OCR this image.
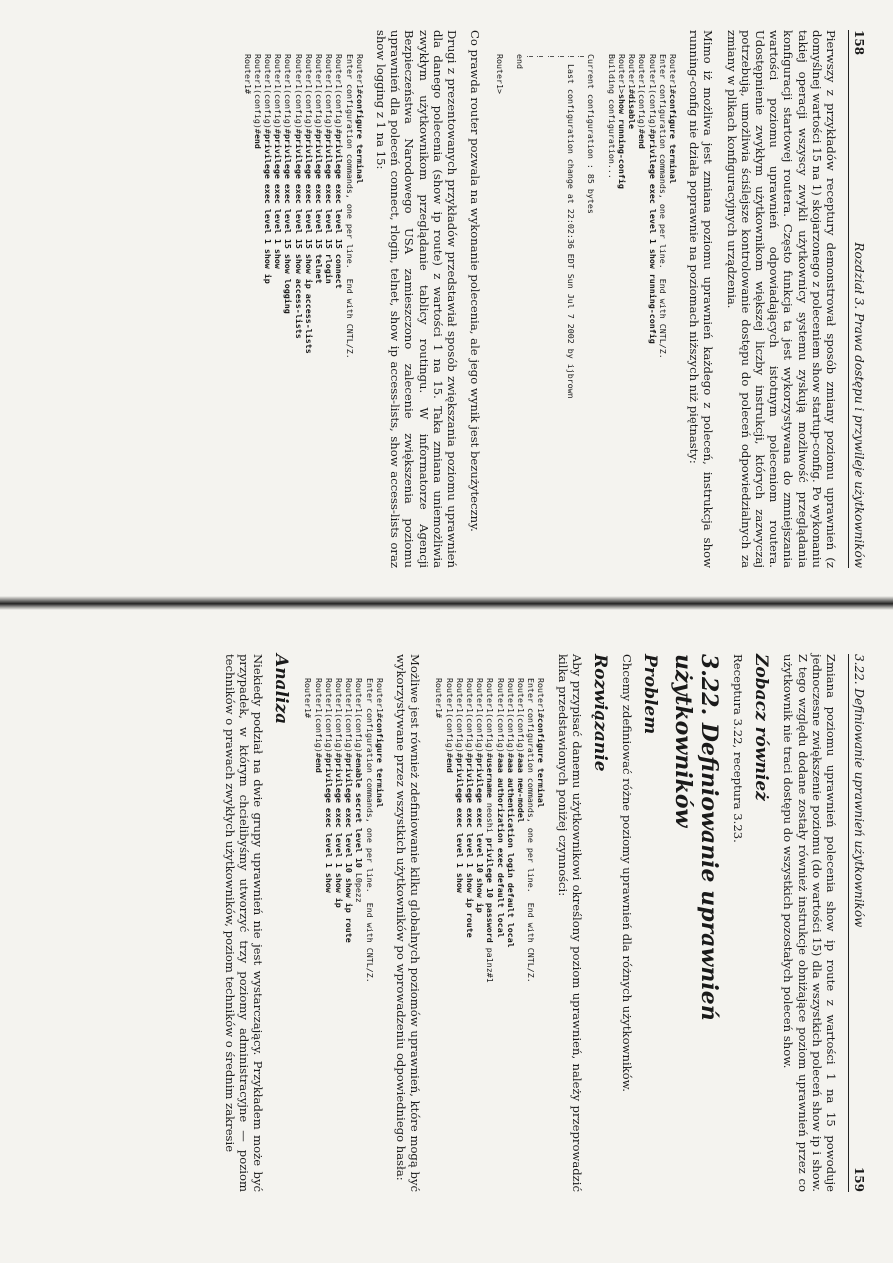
158
Rozdział 3. Prawa dostępu i przywileje użytkowników

Pierwszy z przykładów receptury demonstrował sposób zmiany poziomu uprawnień (z domyślnej wartości 15 na 1) skojarzonego z poleceniem show startup-config. Po wykonaniu takiej operacji wszyscy zwykli użytkownicy systemu zyskują możliwość przeglądania konfiguracji startowej routera. Często funkcja ta jest wykorzystywana do zmniejszania wartości poziomu uprawnień odpowiadających istotnym poleceniom routera. Udostępnienie zwykłym użytkownikom większej liczby instrukcji, których zazwyczaj potrzebują, umożliwia ściślejsze kontrolowanie dostępu do poleceń odpowiedzialnych za zmiany w plikach konfiguracyjnych urządzenia.

Mimo iż możliwa jest zmiana poziomu uprawnień każdego z poleceń, instrukcja show running-config nie działa poprawnie na poziomach niższych niż piętnasty:

Router1#configure terminal
Enter configuration commands, one per line.  End with CNTL/Z.
Router1(config)#privilege exec level 1 show running-config
Router1(config)#end
Router1#disable
Router1>show running-config
Building configuration...
Current configuration : 85 bytes
!
! Last configuration change at 22:02:36 EDT Sun Jul 7 2002 by ijbrown
!
!
!
!
end
Router1>

Co prawda router pozwala na wykonanie polecenia, ale jego wynik jest bezużyteczny.

Drugi z prezentowanych przykładów przedstawiał sposób zwiększania poziomu uprawnień dla danego polecenia (show ip route) z wartości 1 na 15. Taka zmiana uniemożliwia zwykłym użytkownikom przeglądanie tablicy routingu. W informatorze Agencji Bezpieczeństwa Narodowego USA zamieszczono zalecenie zwiększenia poziomu uprawnień dla poleceń connect, rlogin, telnet, show ip access-lists, show access-lists oraz show logging z 1 na 15:

Router1#configure terminal
Enter configuration commands, one per line.  End with CNTL/Z.
Router1(config)#privilege exec level 15 connect
Router1(config)#privilege exec level 15 rlogin
Router1(config)#privilege exec level 15 telnet
Router1(config)#privilege exec level 15 show ip access-lists
Router1(config)#privilege exec level 15 show access-lists
Router1(config)#privilege exec level 15 show logging
Router1(config)#privilege exec level 1 show
Router1(config)#privilege exec level 1 show ip
Router1(config)#end
Router1#
3.22. Definiowanie uprawnień użytkowników
159

Zmiana poziomu uprawnień polecenia show ip route z wartości 1 na 15 powoduje jednoczesne zwiększenie poziomu (do wartości 15) dla wszystkich poleceń show ip i show. Z tego względu dodane zostały również instrukcje obniżające poziom uprawnień przez co użytkownik nie traci dostępu do wszystkich pozostałych poleceń show.

Zobacz również

Receptura 3.22, receptura 3.23.

3.22. Definiowanie uprawnień użytkowników
Problem

Chcemy zdefiniować różne poziomy uprawnień dla różnych użytkowników.

Rozwiązanie

Aby przypisać danemu użytkownikowi określony poziom uprawnień, należy przeprowadzić kilka przedstawionych poniżej czynności:

Router1#configure terminal
Enter configuration commands, one per line.  End with CNTL/Z.
Router1(config)#aaa new-model
Router1(config)#aaa authentication login default local
Router1(config)#aaa authorization exec default local
Router1(config)#username neoshi privilege 10 password pa1nz#1
Router1(config)#privilege exec level 10 show ip
Router1(config)#privilege exec level 1 show ip route
Router1(config)#privilege exec level 1 show
Router1(config)#end
Router1#

Możliwe jest również zdefiniowanie kilku globalnych poziomów uprawnień, które mogą być wykorzystywane przez wszystkich użytkowników po wprowadzeniu odpowiedniego hasła:

Router1#configure terminal
Enter configuration commands, one per line.  End with CNTL/Z.
Router1(config)#enable secret level 10 L0pezz
Router1(config)#privilege exec level 10 show ip route
Router1(config)#privilege exec level 1 show ip
Router1(config)#privilege exec level 1 show
Router1(config)#end
Router1#
Analiza

Niekiedy podział na dwie grupy uprawnień nie jest wystarczający. Przykładem może być przypadek, w którym chcielibyśmy utworzyć trzy poziomy administracyjne — poziom techników o prawach zwykłych użytkowników, poziom techników o średnim zakresie
